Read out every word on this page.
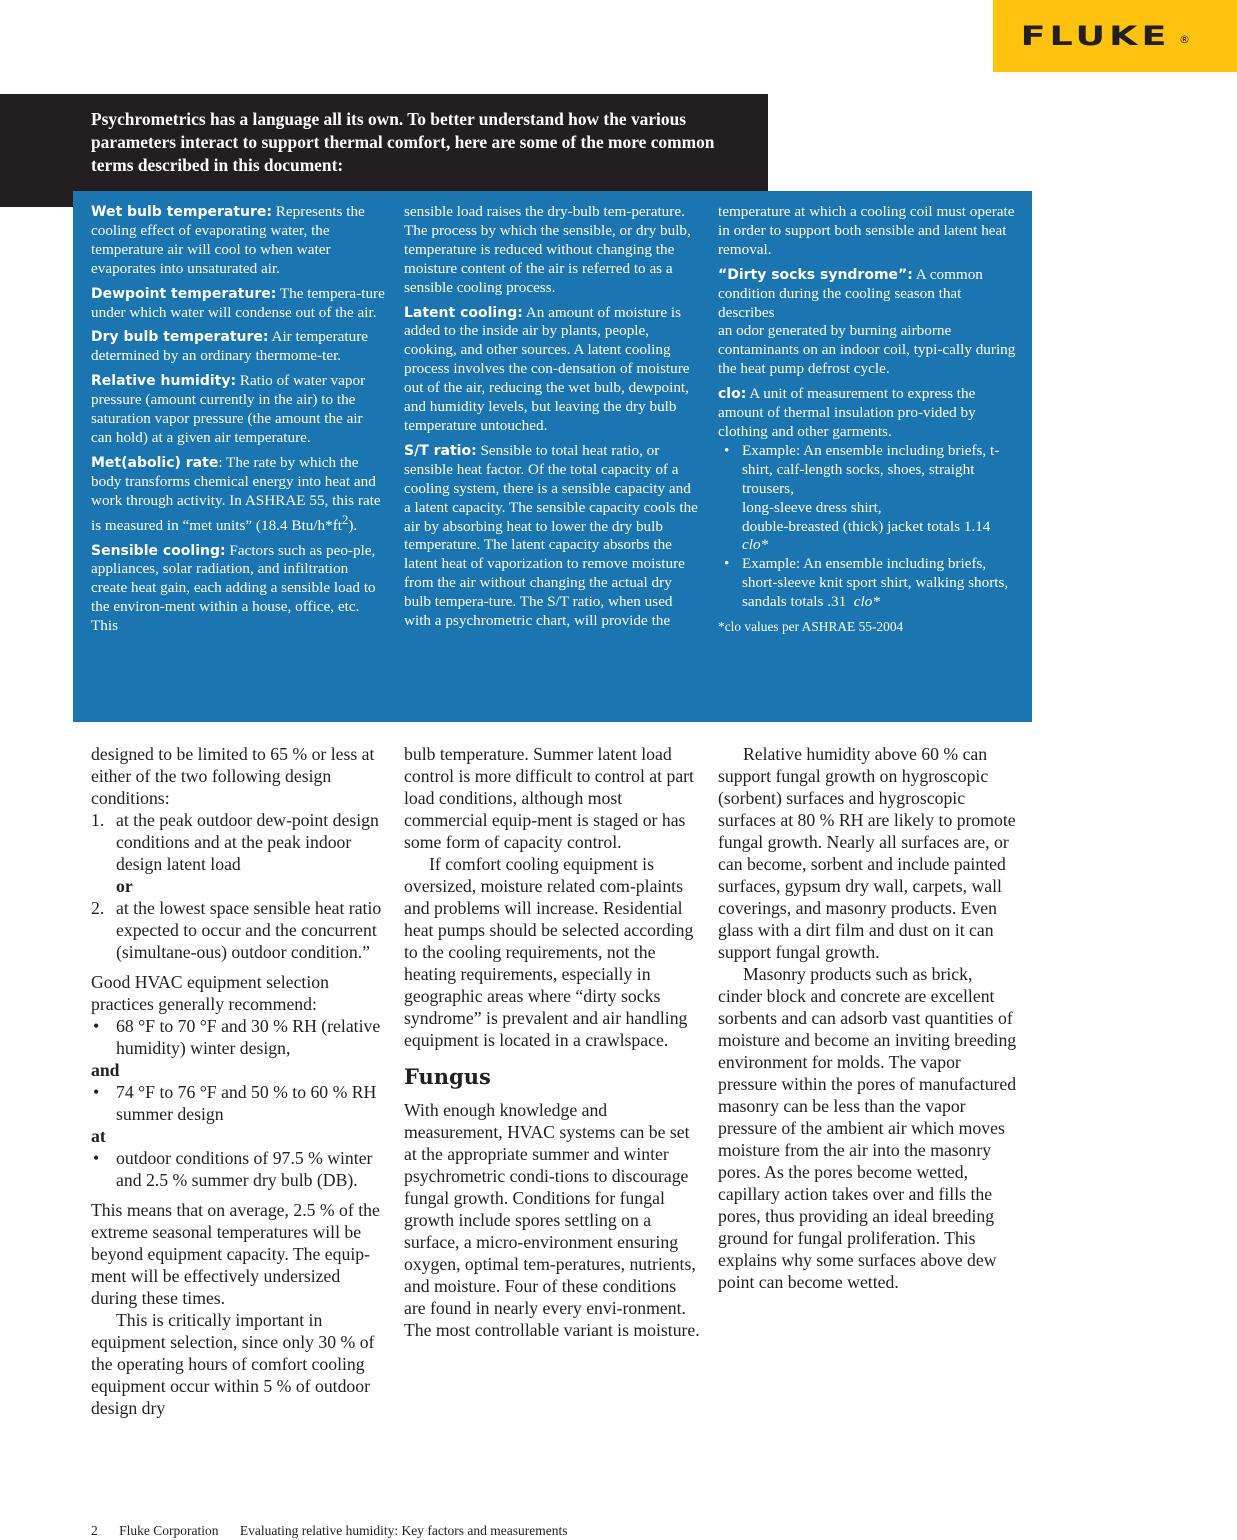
FLUKE ®

Psychrometrics has a language all its own. To better understand how the various parameters interact to support thermal comfort, here are some of the more common terms described in this document:

Wet bulb temperature: Represents the cooling effect of evaporating water, the temperature air will cool to when water evaporates into unsaturated air.

Dewpoint temperature: The tempera-ture under which water will condense out of the air.

Dry bulb temperature: Air temperature determined by an ordinary thermome-ter.

Relative humidity: Ratio of water vapor pressure (amount currently in the air) to the saturation vapor pressure (the amount the air can hold) at a given air temperature.

Met(abolic) rate: The rate by which the body transforms chemical energy into heat and work through activity. In ASHRAE 55, this rate is measured in “met units” (18.4 Btu/$h*ft^2$).

Sensible cooling: Factors such as peo-ple, appliances, solar radiation, and infiltration create heat gain, each adding a sensible load to the environ-ment within a house, office, etc. This

sensible load raises the dry-bulb tem-perature. The process by which the sensible, or dry bulb, temperature is reduced without changing the moisture content of the air is referred to as a sensible cooling process.

Latent cooling: An amount of moisture is added to the inside air by plants, people, cooking, and other sources. A latent cooling process involves the con-densation of moisture out of the air, reducing the wet bulb, dewpoint, and humidity levels, but leaving the dry bulb temperature untouched.

S/T ratio: Sensible to total heat ratio, or sensible heat factor. Of the total capacity of a cooling system, there is a sensible capacity and a latent capacity. The sensible capacity cools the air by absorbing heat to lower the dry bulb temperature. The latent capacity absorbs the latent heat of vaporization to remove moisture from the air without changing the actual dry bulb tempera-ture. The S/T ratio, when used with a psychrometric chart, will provide the

temperature at which a cooling coil must operate in order to support both sensible and latent heat removal.

“Dirty socks syndrome”: A common condition during the cooling season that describes
an odor generated by burning airborne contaminants on an indoor coil, typi-cally during the heat pump defrost cycle.

clo: A unit of measurement to express the amount of thermal insulation pro-vided by clothing and other garments.

• Example: An ensemble including briefs, t-shirt, calf-length socks, shoes, straight trousers,
long-sleeve dress shirt,
double-breasted (thick) jacket totals 1.14 clo*
• Example: An ensemble including briefs, short-sleeve knit sport shirt, walking shorts,
sandals totals .31 clo*

*clo values per ASHRAE 55-2004

designed to be limited to 65 % or less at either of the two following design conditions:

1. at the peak outdoor dew-point design conditions and at the peak indoor design latent load
or
2. at the lowest space sensible heat ratio expected to occur and the concurrent (simultane-ous) outdoor condition.”

Good HVAC equipment selection practices generally recommend:

• 68 °F to 70 °F and 30 % RH (relative humidity) winter design,

and

• 74 °F to 76 °F and 50 % to 60 % RH summer design

at

• outdoor conditions of 97.5 % winter and 2.5 % summer dry bulb (DB).

This means that on average, 2.5 % of the extreme seasonal temperatures will be beyond equipment capacity. The equip-ment will be effectively undersized during these times.

This is critically important in equipment selection, since only 30 % of the operating hours of comfort cooling equipment occur within 5 % of outdoor design dry

bulb temperature. Summer latent load control is more difficult to control at part load conditions, although most commercial equip-ment is staged or has some form of capacity control.

If comfort cooling equipment is oversized, moisture related com-plaints and problems will increase. Residential heat pumps should be selected according to the cooling requirements, not the heating requirements, especially in geographic areas where “dirty socks syndrome” is prevalent and air handling equipment is located in a crawlspace.

Fungus

With enough knowledge and measurement, HVAC systems can be set at the appropriate summer and winter psychrometric condi-tions to discourage fungal growth. Conditions for fungal growth include spores settling on a surface, a micro-environment ensuring oxygen, optimal tem-peratures, nutrients, and moisture. Four of these conditions are found in nearly every envi-ronment. The most controllable variant is moisture.

Relative humidity above 60 % can support fungal growth on hygroscopic (sorbent) surfaces and hygroscopic surfaces at 80 % RH are likely to promote fungal growth. Nearly all surfaces are, or can become, sorbent and include painted surfaces, gypsum dry wall, carpets, wall coverings, and masonry products. Even glass with a dirt film and dust on it can support fungal growth.

Masonry products such as brick, cinder block and concrete are excellent sorbents and can adsorb vast quantities of moisture and become an inviting breeding environment for molds. The vapor pressure within the pores of manufactured masonry can be less than the vapor pressure of the ambient air which moves moisture from the air into the masonry pores. As the pores become wetted, capillary action takes over and fills the pores, thus providing an ideal breeding ground for fungal proliferation. This explains why some surfaces above dew point can become wetted.

2 Fluke Corporation Evaluating relative humidity: Key factors and measurements
